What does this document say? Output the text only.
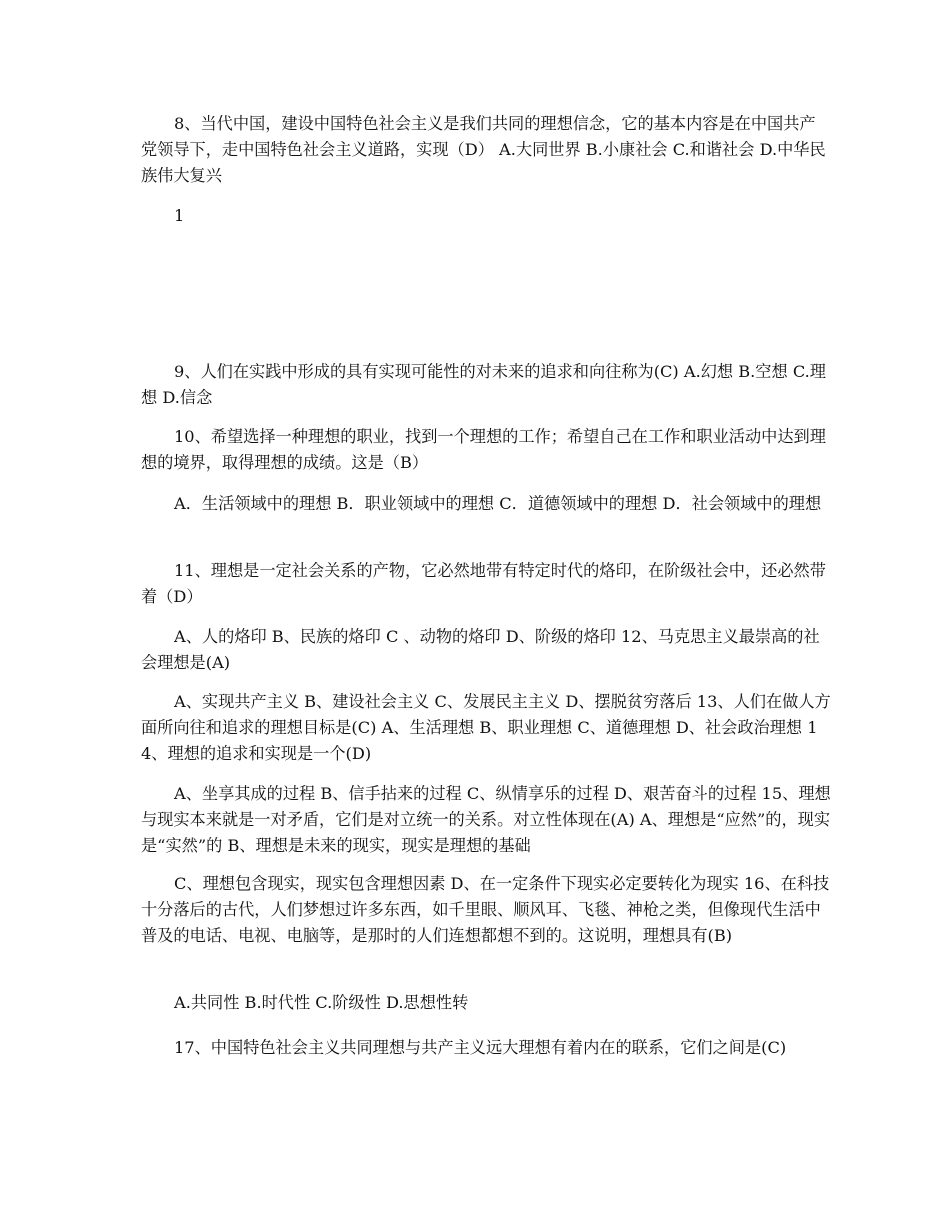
8、当代中国，建设中国特色社会主义是我们共同的理想信念，它的基本内容是在中国共产党领导下，走中国特色社会主义道路，实现（D） A.大同世界 B.小康社会 C.和谐社会 D.中华民族伟大复兴

1

9、人们在实践中形成的具有实现可能性的对未来的追求和向往称为(C) A.幻想 B.空想 C.理想 D.信念

10、希望选择一种理想的职业，找到一个理想的工作；希望自己在工作和职业活动中达到理想的境界，取得理想的成绩。这是（B）

A．生活领域中的理想 B．职业领域中的理想 C．道德领域中的理想 D．社会领域中的理想

11、理想是一定社会关系的产物，它必然地带有特定时代的烙印，在阶级社会中，还必然带着（D）

A、人的烙印 B、民族的烙印 C 、动物的烙印 D、阶级的烙印 12、马克思主义最崇高的社会理想是(A)

A、实现共产主义 B、建设社会主义 C、发展民主主义 D、摆脱贫穷落后 13、人们在做人方面所向往和追求的理想目标是(C) A、生活理想 B、职业理想 C、道德理想 D、社会政治理想 14、理想的追求和实现是一个(D)

A、坐享其成的过程 B、信手拈来的过程 C、纵情享乐的过程 D、艰苦奋斗的过程 15、理想与现实本来就是一对矛盾，它们是对立统一的关系。对立性体现在(A) A、理想是“应然”的，现实是“实然”的 B、理想是未来的现实，现实是理想的基础

C、理想包含现实，现实包含理想因素 D、在一定条件下现实必定要转化为现实 16、在科技十分落后的古代，人们梦想过许多东西，如千里眼、顺风耳、飞毯、神枪之类，但像现代生活中普及的电话、电视、电脑等，是那时的人们连想都想不到的。这说明，理想具有(B)

A.共同性 B.时代性 C.阶级性 D.思想性转

17、中国特色社会主义共同理想与共产主义远大理想有着内在的联系，它们之间是(C)
